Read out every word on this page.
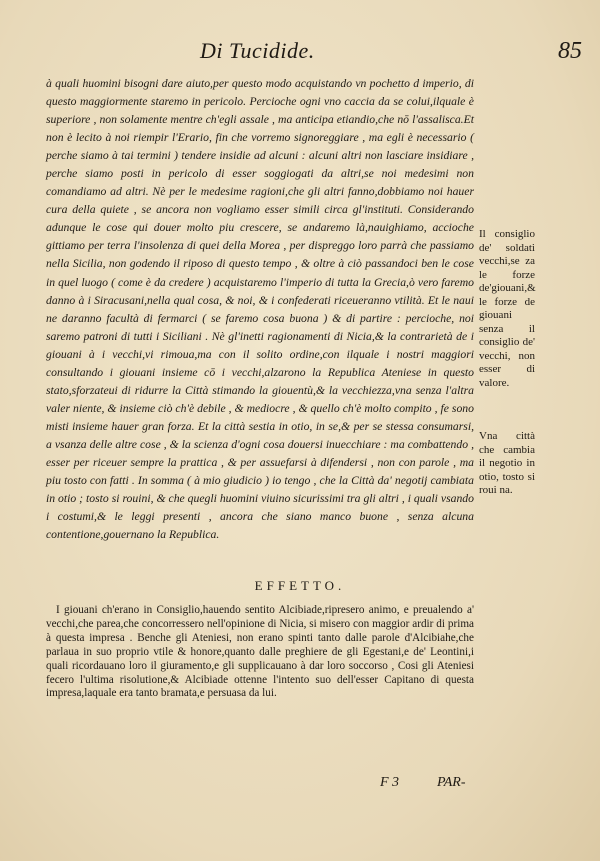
Di Tucidide.	85

à quali huomini bisogni dare aiuto,per questo modo acquistando vn pochetto d imperio, di questo maggiormente staremo in pericolo. Percioche ogni vno caccia da se colui,ilquale è superiore , non solamente mentre ch'egli assale , ma anticipa etiandio,che nō l'assalisca.Et non è lecito à noi riempir l'Erario, fin che vorremo signoreggiare , ma egli è necessario ( perche siamo à tai termini ) tendere insidie ad alcuni : alcuni altri non lasciare insidiare , perche siamo posti in pericolo di esser soggiogati da altri,se noi medesimi non comandiamo ad altri. Nè per le medesime ragioni,che gli altri fanno,dobbiamo noi hauer cura della quiete , se ancora non vogliamo esser simili circa gl'instituti. Considerando adunque le cose qui douer molto piu crescere, se andaremo là,nauighiamo, accioche gittiamo per terra l'insolenza di quei della Morea , per dispreggo loro parrà che passiamo nella Sicilia, non godendo il riposo di questo tempo , & oltre à ciò passandoci ben le cose in quel luogo ( come è da credere ) acquistaremo l'imperio di tutta la Grecia,ò vero faremo danno à i Siracusani,nella qual cosa, & noi, & i confederati riceueranno vtilità. Et le naui ne daranno facultà di fermarci ( se faremo cosa buona ) & di partire : percioche, noi saremo patroni di tutti i Siciliani . Nè gl'inetti ragionamenti di Nicia,& la contrarietà de i giouani à i vecchi,vi rimoua,ma con il solito ordine,con ilquale i nostri maggiori consultando i giouani insieme cō i vecchi,alzarono la Republica Ateniese in questo stato,sforzateui di ridurre la Città stimando la giouentù,& la vecchiezza,vna senza l'altra valer niente, & insieme ciò ch'è debile , & mediocre , & quello ch'è molto compito , fe sono misti insieme hauer gran forza. Et la città sestia in otio, in se,& per se stessa consumarsi, a vsanza delle altre cose , & la scienza d'ogni cosa douersi inuecchiare : ma combattendo , esser per riceuer sempre la prattica , & per assuefarsi à difendersi , non con parole , ma piu tosto con fatti . In somma ( à mio giudicio ) io tengo , che la Città da' negotij cambiata in otio ; tosto si rouini, & che quegli huomini viuino sicurissimi tra gli altri , i quali vsando i costumi,& le leggi presenti , ancora che siano manco buone , senza alcuna contentione,gouernano la Republica.

Il consiglio de' soldati vecchi,se za le forze de'giouani,& le forze de giouani senza il consiglio de' vecchi, non esser di valore.

Vna città che cambia il negotio in otio, tosto si roui na.

EFFETTO.

I giouani ch'erano in Consiglio,hauendo sentito Alcibiade,ripresero animo, e preualendo a' vecchi,che parea,che concorressero nell'opinione di Nicia, si misero con maggior ardir di prima à questa impresa . Benche gli Ateniesi, non erano spinti tanto dalle parole d'Alcibiahe,che parlaua in suo proprio vtile & honore,quanto dalle preghiere de gli Egestani,e de' Leontini,i quali ricordauano loro il giuramento,e gli supplicauano à dar loro soccorso , Cosi gli Ateniesi fecero l'ultima risolutione,& Alcibiade ottenne l'intento suo dell'esser Capitano di questa impresa,laquale era tanto bramata,e persuasa da lui.

F 3	PAR-
